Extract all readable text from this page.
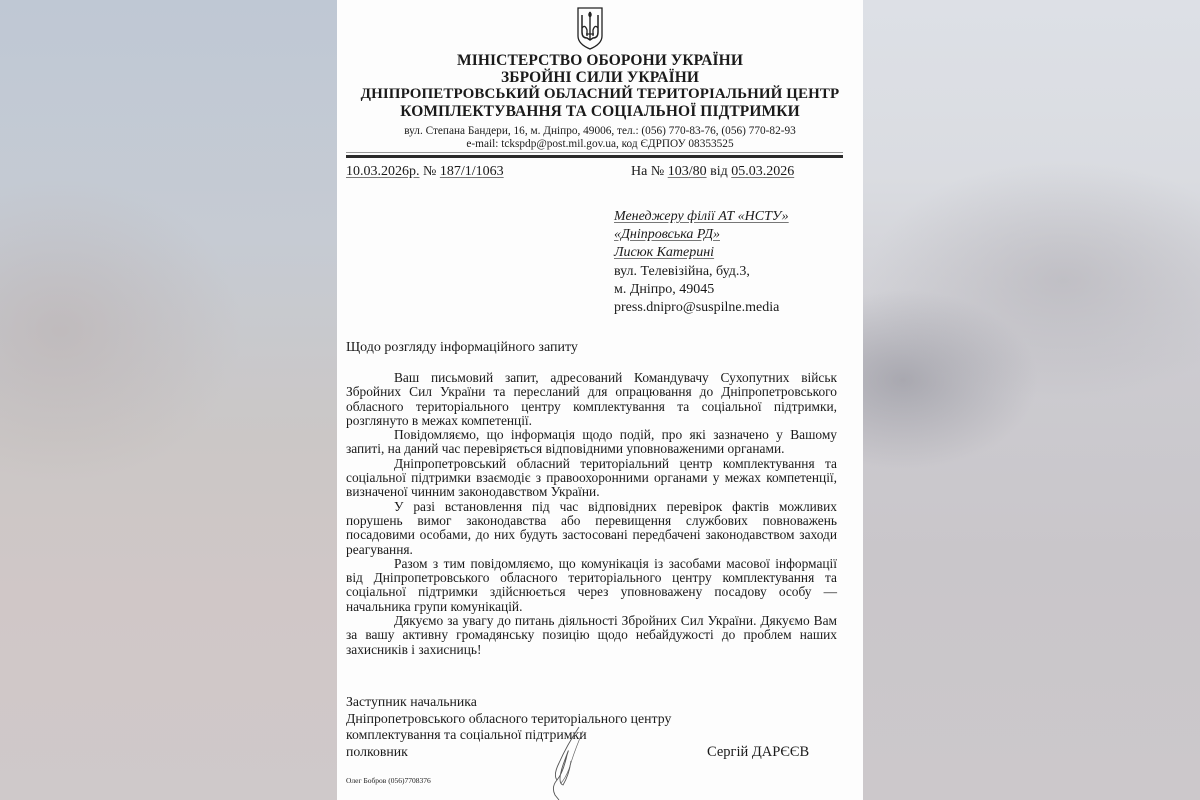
МІНІСТЕРСТВО ОБОРОНИ УКРАЇНИ
ЗБРОЙНІ СИЛИ УКРАЇНИ
ДНІПРОПЕТРОВСЬКИЙ ОБЛАСНИЙ ТЕРИТОРІАЛЬНИЙ ЦЕНТР
КОМПЛЕКТУВАННЯ ТА СОЦІАЛЬНОЇ ПІДТРИМКИ
вул. Степана Бандери, 16, м. Дніпро, 49006, тел.: (056) 770-83-76, (056) 770-82-93
e-mail: tckspdp@post.mil.gov.ua, код ЄДРПОУ 08353525
10.03.2026р. № 187/1/1063	На № 103/80 від 05.03.2026
Менеджеру філії АТ «НСТУ»
«Дніпровська РД»
Лисюк Катерині
вул. Телевізійна, буд.3,
м. Дніпро, 49045
press.dnipro@suspilne.media
Щодо розгляду інформаційного запиту

Ваш письмовий запит, адресований Командувачу Сухопутних військ Збройних Сил України та пересланий для опрацювання до Дніпропетровського обласного територіального центру комплектування та соціальної підтримки, розглянуто в межах компетенції.

Повідомляємо, що інформація щодо подій, про які зазначено у Вашому запиті, на даний час перевіряється відповідними уповноваженими органами.

Дніпропетровський обласний територіальний центр комплектування та соціальної підтримки взаємодіє з правоохоронними органами у межах компетенції, визначеної чинним законодавством України.

У разі встановлення під час відповідних перевірок фактів можливих порушень вимог законодавства або перевищення службових повноважень посадовими особами, до них будуть застосовані передбачені законодавством заходи реагування.

Разом з тим повідомляємо, що комунікація із засобами масової інформації від Дніпропетровського обласного територіального центру комплектування та соціальної підтримки здійснюється через уповноважену посадову особу — начальника групи комунікацій.

Дякуємо за увагу до питань діяльності Збройних Сил України. Дякуємо Вам за вашу активну громадянську позицію щодо небайдужості до проблем наших захисників і захисниць!

Заступник начальника
Дніпропетровського обласного територіального центру
комплектування та соціальної підтримки
полковник	Сергій ДАРЄЄВ
Олег Бобров (056)7708376
